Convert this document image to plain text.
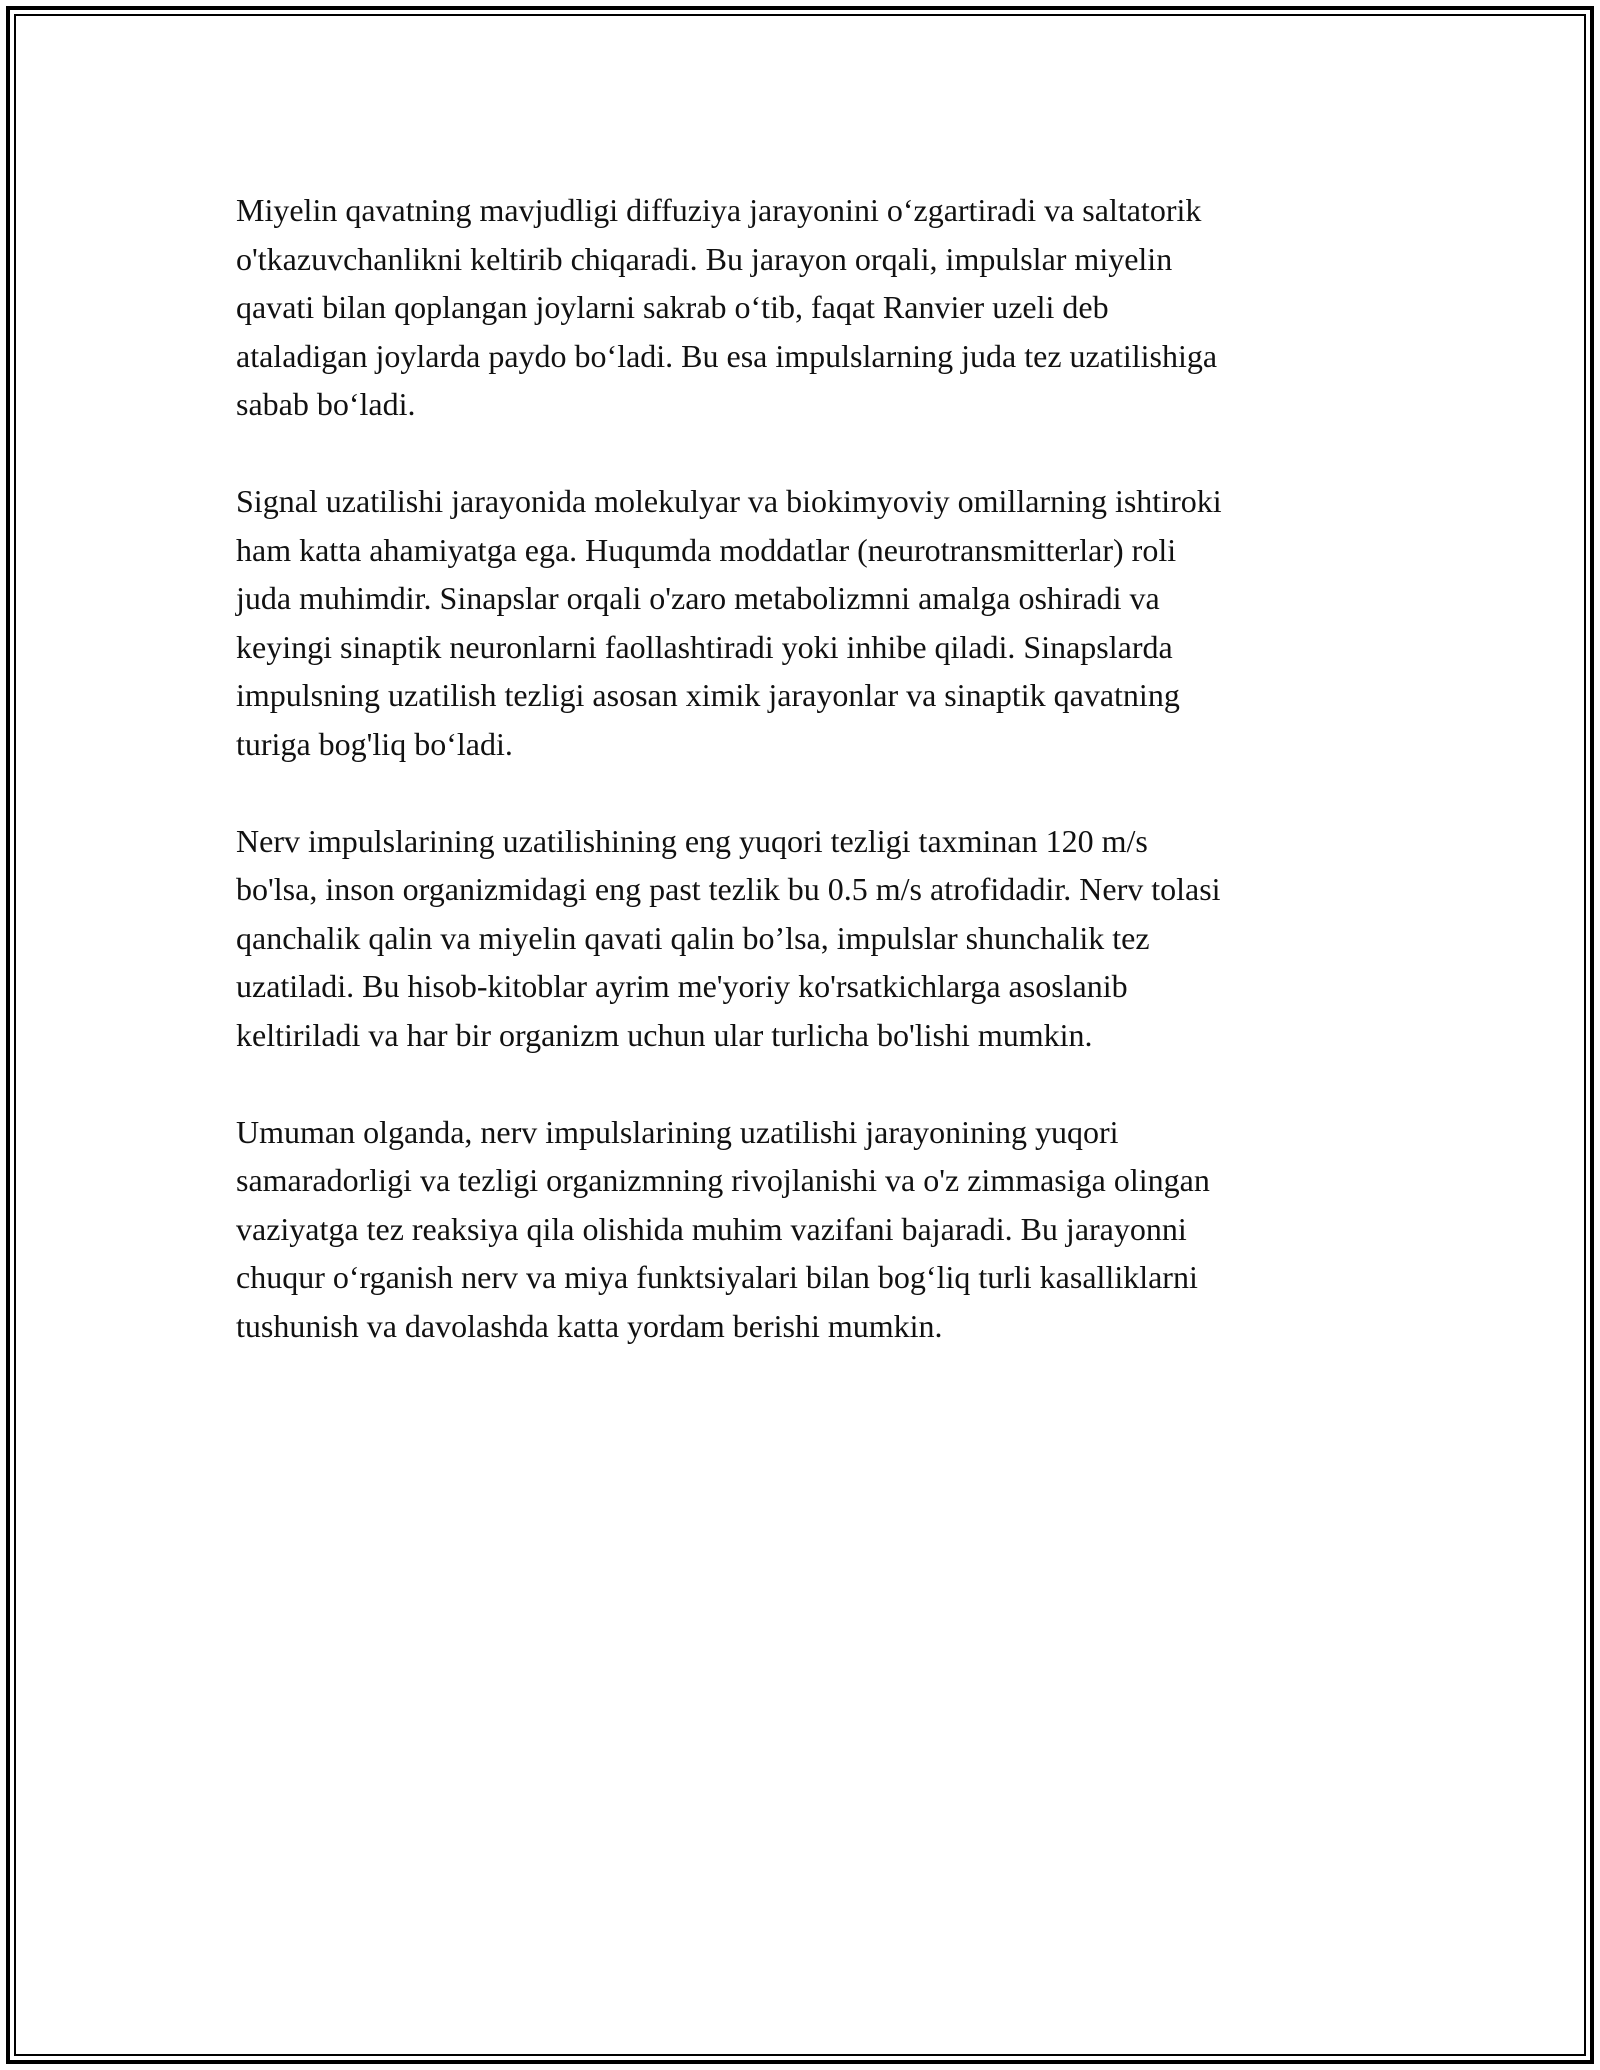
Miyelin qavatning mavjudligi diffuziya jarayonini o‘zgartiradi va saltatorik
o'tkazuvchanlikni keltirib chiqaradi. Bu jarayon orqali, impulslar miyelin
qavati bilan qoplangan joylarni sakrab o‘tib, faqat Ranvier uzeli deb
ataladigan joylarda paydo bo‘ladi. Bu esa impulslarning juda tez uzatilishiga
sabab bo‘ladi.

Signal uzatilishi jarayonida molekulyar va biokimyoviy omillarning ishtiroki
ham katta ahamiyatga ega. Huqumda moddatlar (neurotransmitterlar) roli
juda muhimdir. Sinapslar orqali o'zaro metabolizmni amalga oshiradi va
keyingi sinaptik neuronlarni faollashtiradi yoki inhibe qiladi. Sinapslarda
impulsning uzatilish tezligi asosan ximik jarayonlar va sinaptik qavatning
turiga bog'liq bo‘ladi.

Nerv impulslarining uzatilishining eng yuqori tezligi taxminan 120 m/s
bo'lsa, inson organizmidagi eng past tezlik bu 0.5 m/s atrofidadir. Nerv tolasi
qanchalik qalin va miyelin qavati qalin bo’lsa, impulslar shunchalik tez
uzatiladi. Bu hisob-kitoblar ayrim me'yoriy ko'rsatkichlarga asoslanib
keltiriladi va har bir organizm uchun ular turlicha bo'lishi mumkin.

Umuman olganda, nerv impulslarining uzatilishi jarayonining yuqori
samaradorligi va tezligi organizmning rivojlanishi va o'z zimmasiga olingan
vaziyatga tez reaksiya qila olishida muhim vazifani bajaradi. Bu jarayonni
chuqur o‘rganish nerv va miya funktsiyalari bilan bog‘liq turli kasalliklarni
tushunish va davolashda katta yordam berishi mumkin.
